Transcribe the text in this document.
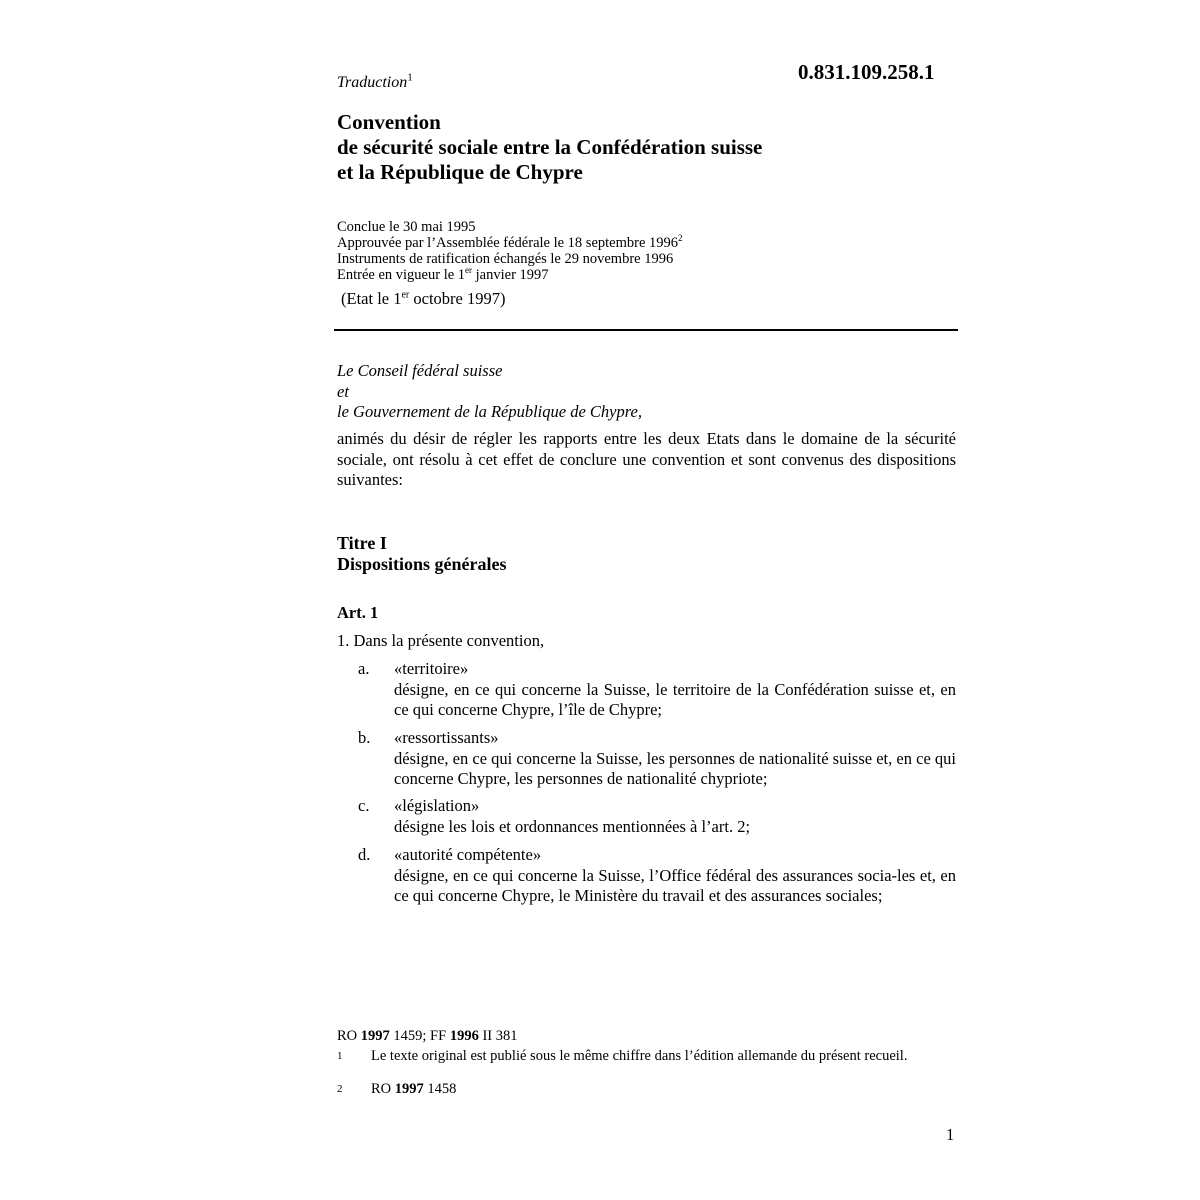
Traduction$^1$	0.831.109.258.1
Convention
de sécurité sociale entre la Confédération suisse
et la République de Chypre
Conclue le 30 mai 1995
Approuvée par l’Assemblée fédérale le 18 septembre 1996$^2$
Instruments de ratification échangés le 29 novembre 1996
Entrée en vigueur le 1er janvier 1997
(Etat le 1er octobre 1997)
Le Conseil fédéral suisse
et
le Gouvernement de la République de Chypre,
animés du désir de régler les rapports entre les deux Etats dans le domaine de la sécurité sociale, ont résolu à cet effet de conclure une convention et sont convenus des dispositions suivantes:
Titre I
Dispositions générales
Art. 1
1. Dans la présente convention,
a. «territoire»
désigne, en ce qui concerne la Suisse, le territoire de la Confédération suisse et, en ce qui concerne Chypre, l’île de Chypre;
b. «ressortissants»
désigne, en ce qui concerne la Suisse, les personnes de nationalité suisse et, en ce qui concerne Chypre, les personnes de nationalité chypriote;
c. «législation»
désigne les lois et ordonnances mentionnées à l’art. 2;
d. «autorité compétente»
désigne, en ce qui concerne la Suisse, l’Office fédéral des assurances socia-les et, en ce qui concerne Chypre, le Ministère du travail et des assurances sociales;
RO 1997 1459; FF 1996 II 381
1 Le texte original est publié sous le même chiffre dans l’édition allemande du présent recueil.
2 RO 1997 1458
1
